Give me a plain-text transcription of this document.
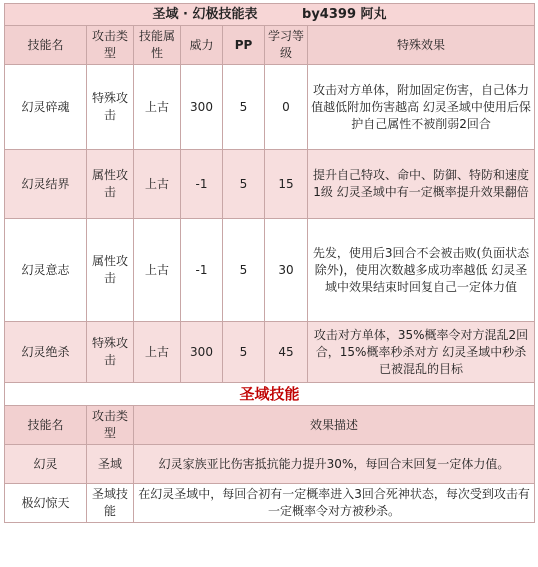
圣域 · 幻极技能表 by4399 阿丸						
技能名	攻击类型	技能属性	威力	PP	学习等级	特殊效果
幻灵碎魂	特殊攻击	上古	300	5	0	攻击对方单体，附加固定伤害，自己体力值越低附加伤害越高 幻灵圣域中使用后保护自己属性不被削弱2回合
幻灵结界	属性攻击	上古	-1	5	15	提升自己特攻、命中、防御、特防和速度1级 幻灵圣域中有一定概率提升效果翻倍
幻灵意志	属性攻击	上古	-1	5	30	先发，使用后3回合不会被击败(负面状态除外)，使用次数越多成功率越低 幻灵圣域中效果结束时回复自己一定体力值
幻灵绝杀	特殊攻击	上古	300	5	45	攻击对方单体，35%概率令对方混乱2回合，15%概率秒杀对方 幻灵圣域中秒杀已被混乱的目标
圣域技能						
技能名	攻击类型	效果描述				
幻灵	圣域	幻灵家族亚比伤害抵抗能力提升30%，每回合末回复一定体力值。				
极幻惊天	圣域技能	在幻灵圣域中，每回合初有一定概率进入3回合死神状态，每次受到攻击有一定概率令对方被秒杀。				
